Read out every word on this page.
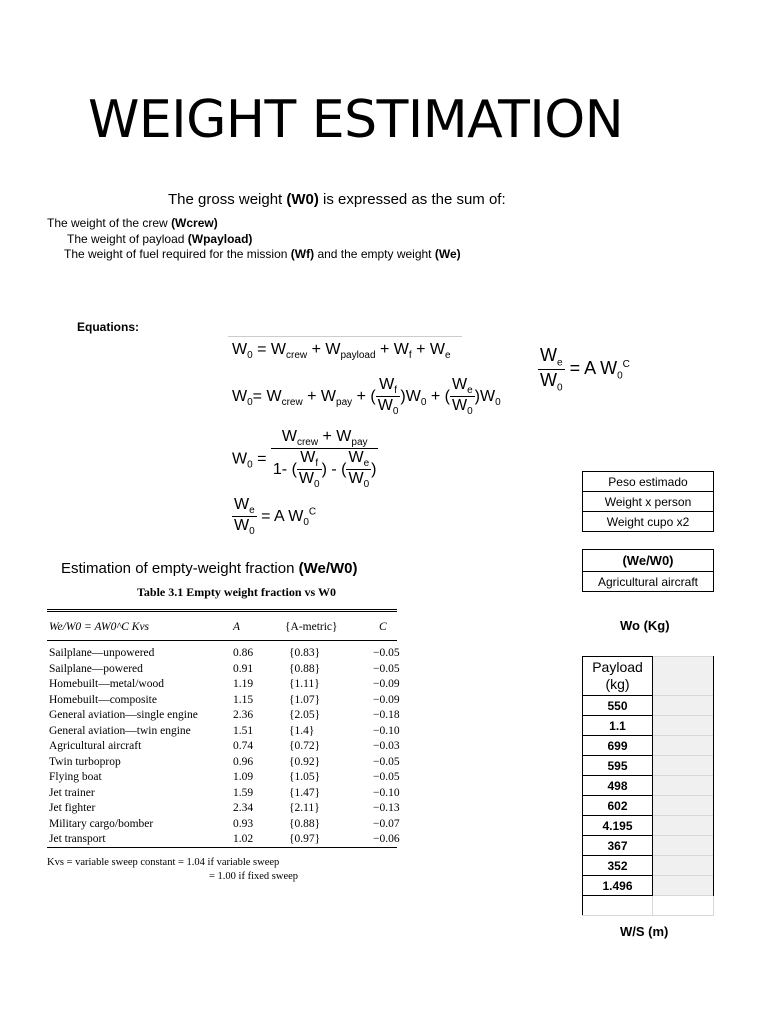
WEIGHT ESTIMATION
The gross weight (W0) is expressed as the sum of:
The weight of the crew (Wcrew)
The weight of payload (Wpayload)
The weight of fuel required for the mission (Wf) and the empty weight (We)
Equations:
$W_0 = W_{crew} + W_{payload} + W_f + W_e$
$W_0= W_{crew} + W_{pay}$ + ( $\frac{W_f}{W_0} )W_0$ + ( $\frac{W_e}{W_0} )W_0$
$W_0 = \frac{W_{crew} + W_{pay}}{1- ( \frac{W_f}{W_0} ) - ( \frac{W_e}{W_0} )}$
$\frac{W_e}{W_0} = A$ $W_0^C$
$\frac{W_e}{W_0} = A$ $W_0^C$
Peso estimado
Weight x person
Weight cupo x2
(We/W0)
Agricultural aircraft
Wo (Kg)
Payload (kg)	
550	
1.1	
699	
595	
498	
602	
4.195	
367	
352	
1.496	

W/S (m)
Estimation of empty-weight fraction (We/W0)
Table 3.1 Empty weight fraction vs W0
We/W0 = AW0^C Kvs	A	{A-metric}	C
Sailplane—unpowered	0.86	{0.83}	−0.05
Sailplane—powered	0.91	{0.88}	−0.05
Homebuilt—metal/wood	1.19	{1.11}	−0.09
Homebuilt—composite	1.15	{1.07}	−0.09
General aviation—single engine	2.36	{2.05}	−0.18
General aviation—twin engine	1.51	{1.4}	−0.10
Agricultural aircraft	0.74	{0.72}	−0.03
Twin turboprop	0.96	{0.92}	−0.05
Flying boat	1.09	{1.05}	−0.05
Jet trainer	1.59	{1.47}	−0.10
Jet fighter	2.34	{2.11}	−0.13
Military cargo/bomber	0.93	{0.88}	−0.07
Jet transport	1.02	{0.97}	−0.06
Kvs = variable sweep constant = 1.04 if variable sweep
= 1.00 if fixed sweep
